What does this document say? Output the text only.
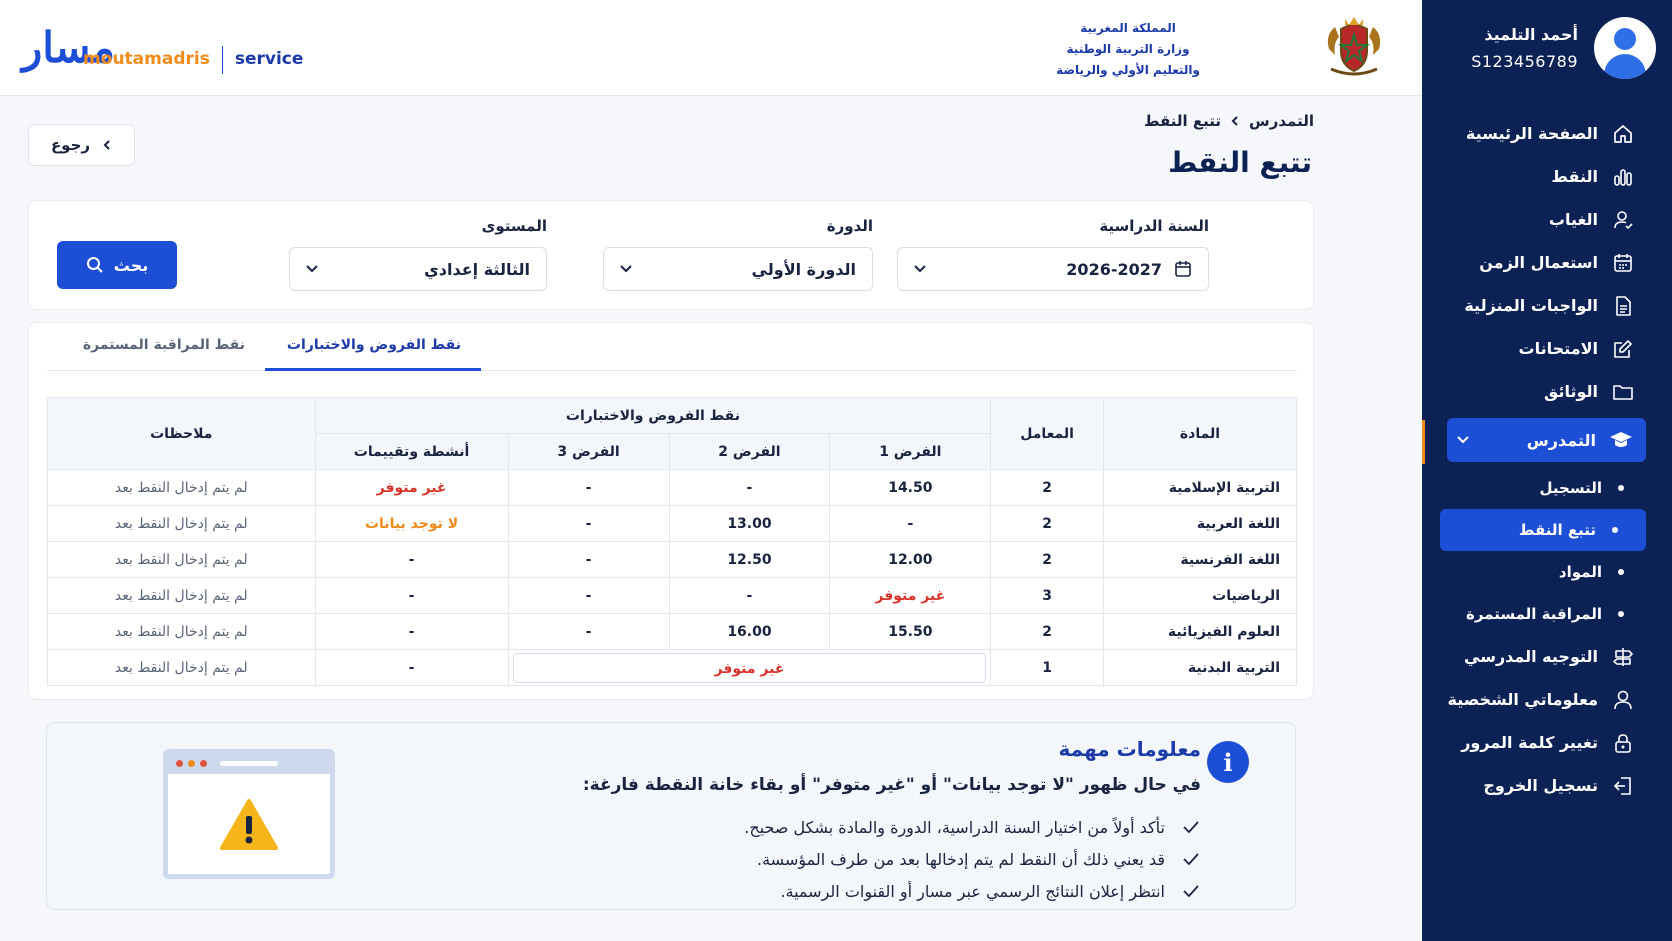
مسار
moutamadris service
المملكة المغربية
وزارة التربية الوطنية
والتعليم الأولي والرياضة
رجوع
التمدرس
تتبع النقط
تتبع النقط
السنة الدراسية
2026-2027
الدورة
الدورة الأولي
المستوى
الثالثة إعدادي
بحث
نقط الفروض والاختبارات
نقط المراقبة المستمرة
المادة	المعامل	نقط الفروض والاختبارات				ملاحظات
		الفرض 1	الفرض 2	الفرض 3	أنشطة وتقييمات	
التربية الإسلامية	2	14.50	-	-	غير متوفر	لم يتم إدخال النقط بعد
اللغة العربية	2	-	13.00	-	لا توجد بيانات	لم يتم إدخال النقط بعد
اللغة الفرنسية	2	12.00	12.50	-	-	لم يتم إدخال النقط بعد
الرياضيات	3	غير متوفر	-	-	-	لم يتم إدخال النقط بعد
العلوم الفيزيائية	2	15.50	16.00	-	-	لم يتم إدخال النقط بعد
التربية البدنية	1	غير متوفر			-	لم يتم إدخال النقط بعد
i
معلومات مهمة
في حال ظهور "لا توجد بيانات" أو "غير متوفر" أو بقاء خانة النقطة فارغة:
تأكد أولاً من اختيار السنة الدراسية، الدورة والمادة بشكل صحيح.
قد يعني ذلك أن النقط لم يتم إدخالها بعد من طرف المؤسسة.
انتظر إعلان النتائج الرسمي عبر مسار أو القنوات الرسمية.
أحمد التلميذ
S123456789
الصفحة الرئيسية
النقط
الغياب
استعمال الزمن
الواجبات المنزلية
الامتحانات
الوثائق
التمدرس
التسجيل
تتبع النقط
المواد
المراقبة المستمرة
التوجيه المدرسي
معلوماتي الشخصية
تغيير كلمة المرور
تسجيل الخروج
